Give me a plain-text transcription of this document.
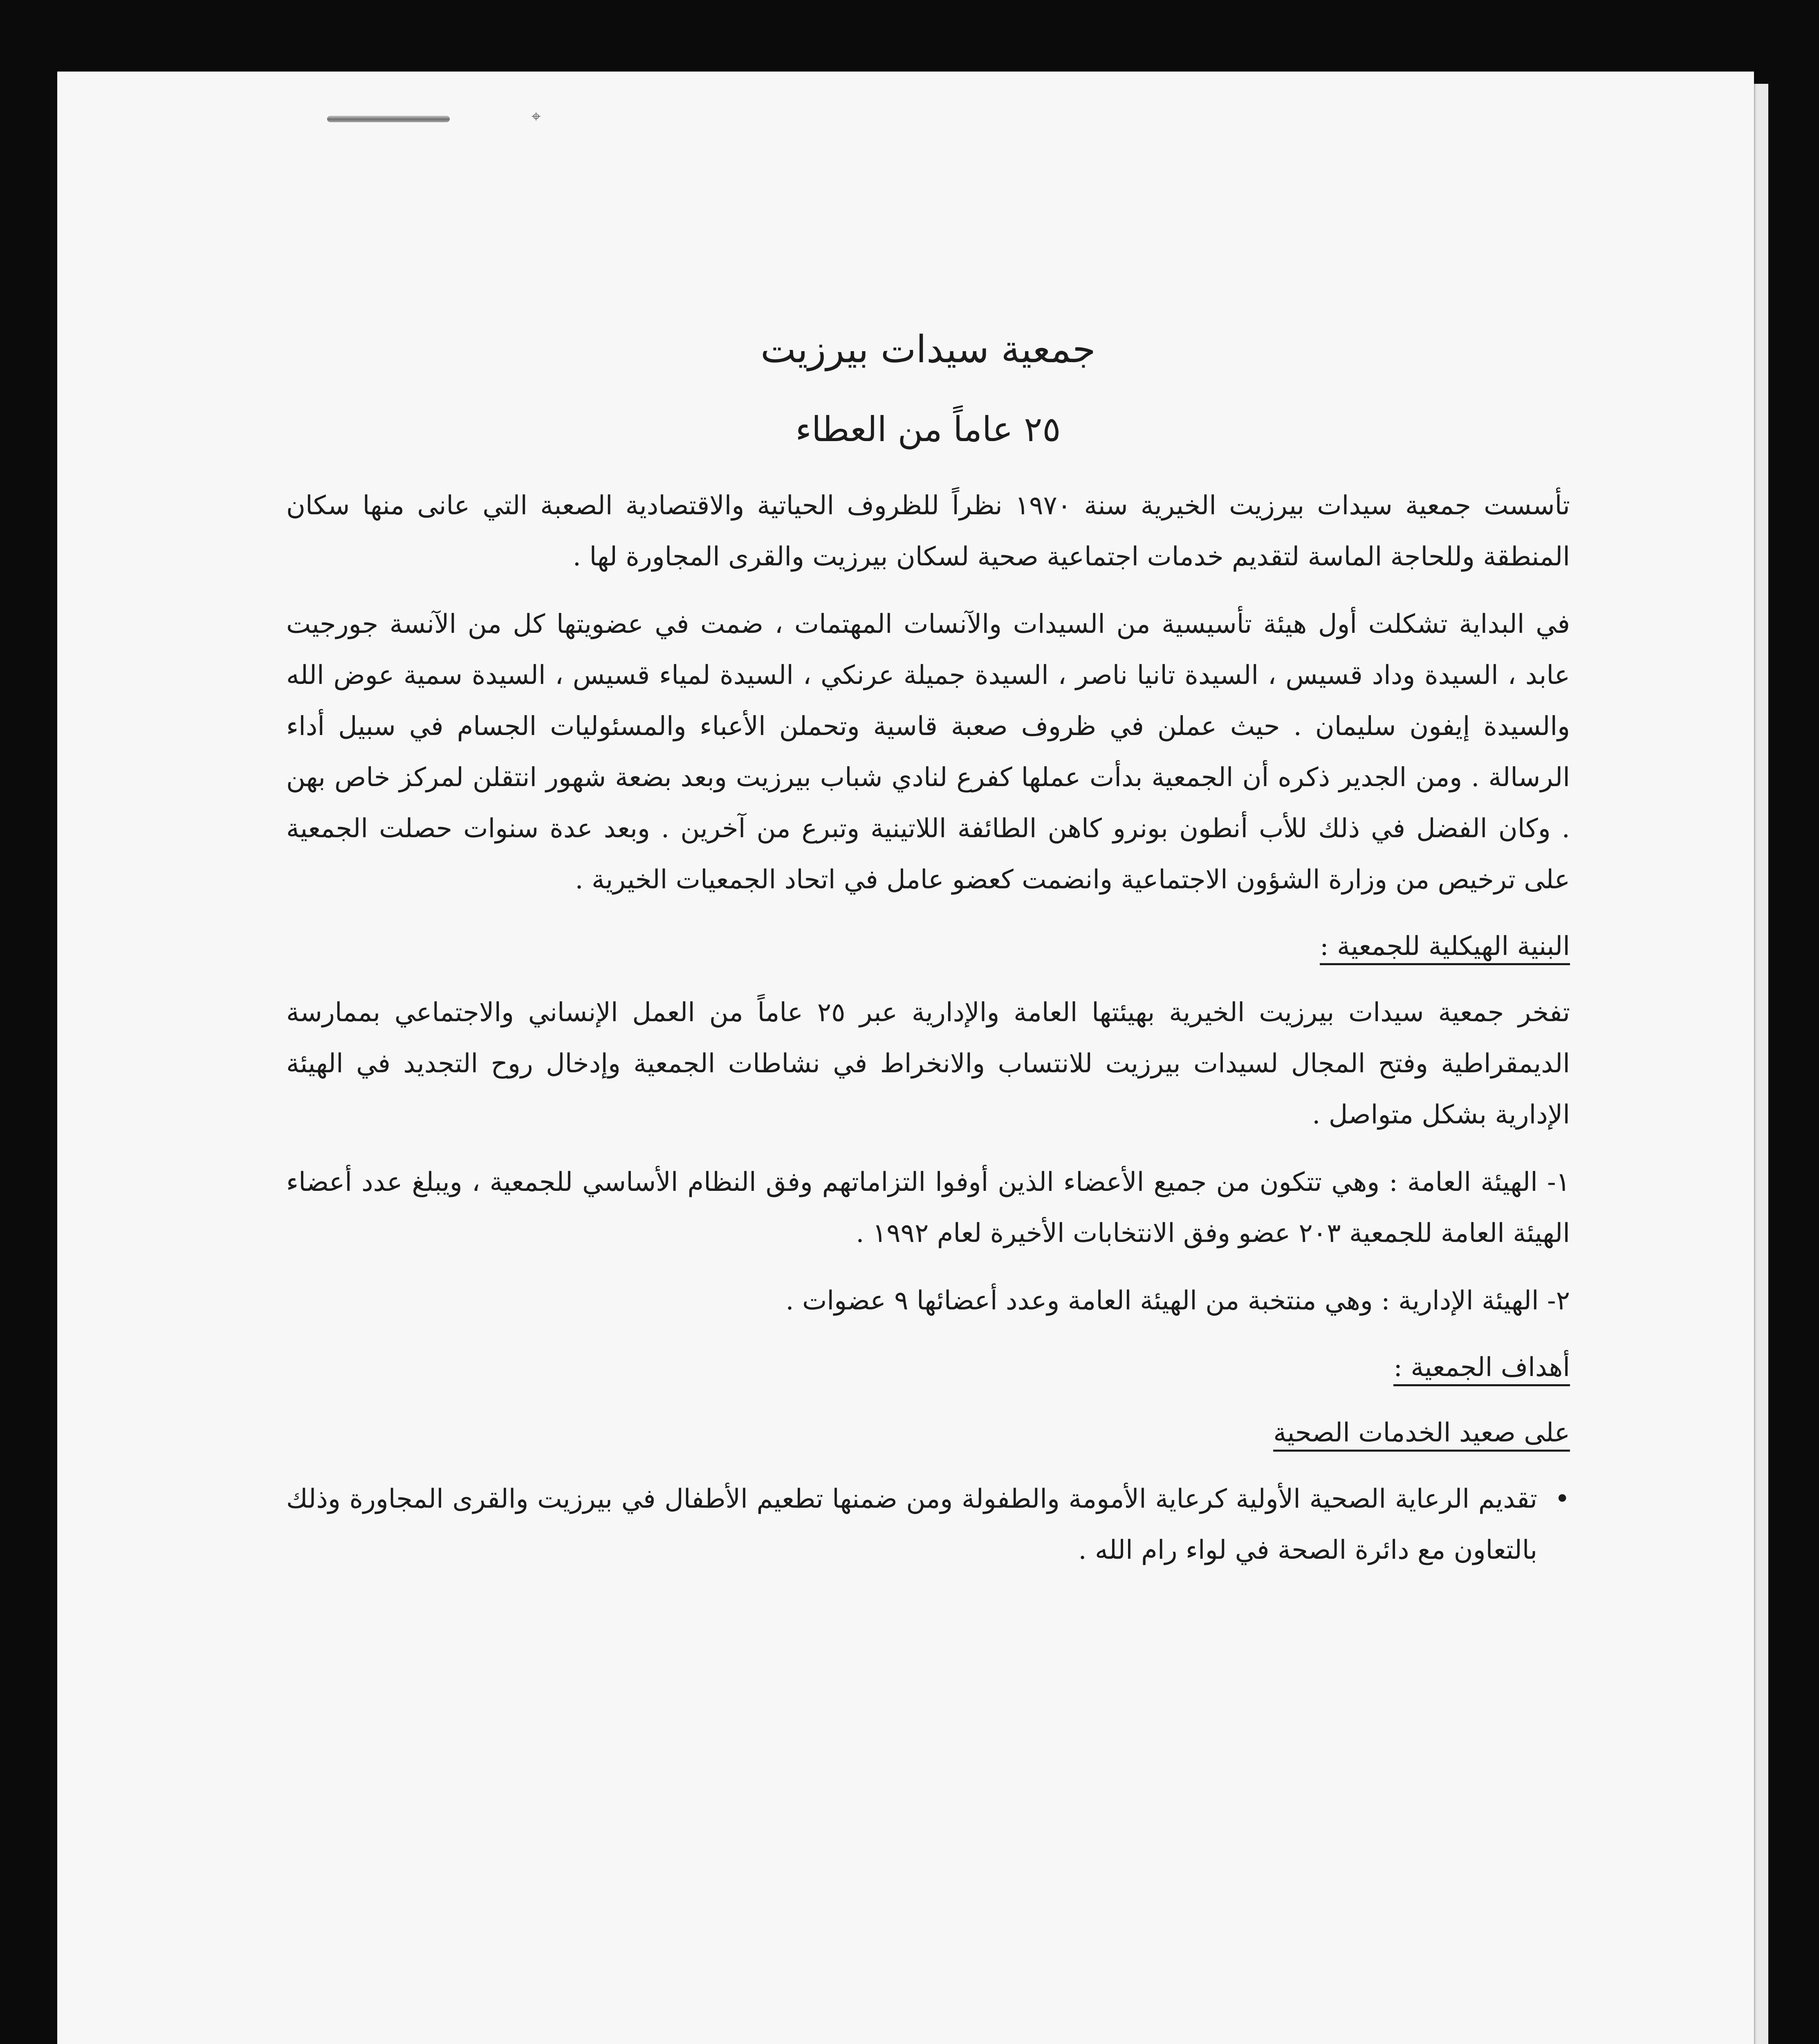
⌖
جمعية سيدات بيرزيت
٢٥ عاماً من العطاء

تأسست جمعية سيدات بيرزيت الخيرية سنة ١٩٧٠ نظراً للظروف الحياتية والاقتصادية الصعبة التي عانى منها سكان المنطقة وللحاجة الماسة لتقديم خدمات اجتماعية صحية لسكان بيرزيت والقرى المجاورة لها .

في البداية تشكلت أول هيئة تأسيسية من السيدات والآنسات المهتمات ، ضمت في عضويتها كل من الآنسة جورجيت عابد ، السيدة وداد قسيس ، السيدة تانيا ناصر ، السيدة جميلة عرنكي ، السيدة لمياء قسيس ، السيدة سمية عوض الله والسيدة إيفون سليمان . حيث عملن في ظروف صعبة قاسية وتحملن الأعباء والمسئوليات الجسام في سبيل أداء الرسالة . ومن الجدير ذكره أن الجمعية بدأت عملها كفرع لنادي شباب بيرزيت وبعد بضعة شهور انتقلن لمركز خاص بهن . وكان الفضل في ذلك للأب أنطون بونرو كاهن الطائفة اللاتينية وتبرع من آخرين . وبعد عدة سنوات حصلت الجمعية على ترخيص من وزارة الشؤون الاجتماعية وانضمت كعضو عامل في اتحاد الجمعيات الخيرية .

البنية الهيكلية للجمعية :

تفخر جمعية سيدات بيرزيت الخيرية بهيئتها العامة والإدارية عبر ٢٥ عاماً من العمل الإنساني والاجتماعي بممارسة الديمقراطية وفتح المجال لسيدات بيرزيت للانتساب والانخراط في نشاطات الجمعية وإدخال روح التجديد في الهيئة الإدارية بشكل متواصل .

١- الهيئة العامة : وهي تتكون من جميع الأعضاء الذين أوفوا التزاماتهم وفق النظام الأساسي للجمعية ، ويبلغ عدد أعضاء الهيئة العامة للجمعية ٢٠٣ عضو وفق الانتخابات الأخيرة لعام ١٩٩٢ .

٢- الهيئة الإدارية : وهي منتخبة من الهيئة العامة وعدد أعضائها ٩ عضوات .

أهداف الجمعية :
على صعيد الخدمات الصحية

•
تقديم الرعاية الصحية الأولية كرعاية الأمومة والطفولة ومن ضمنها تطعيم الأطفال في بيرزيت والقرى المجاورة وذلك بالتعاون مع دائرة الصحة في لواء رام الله .
